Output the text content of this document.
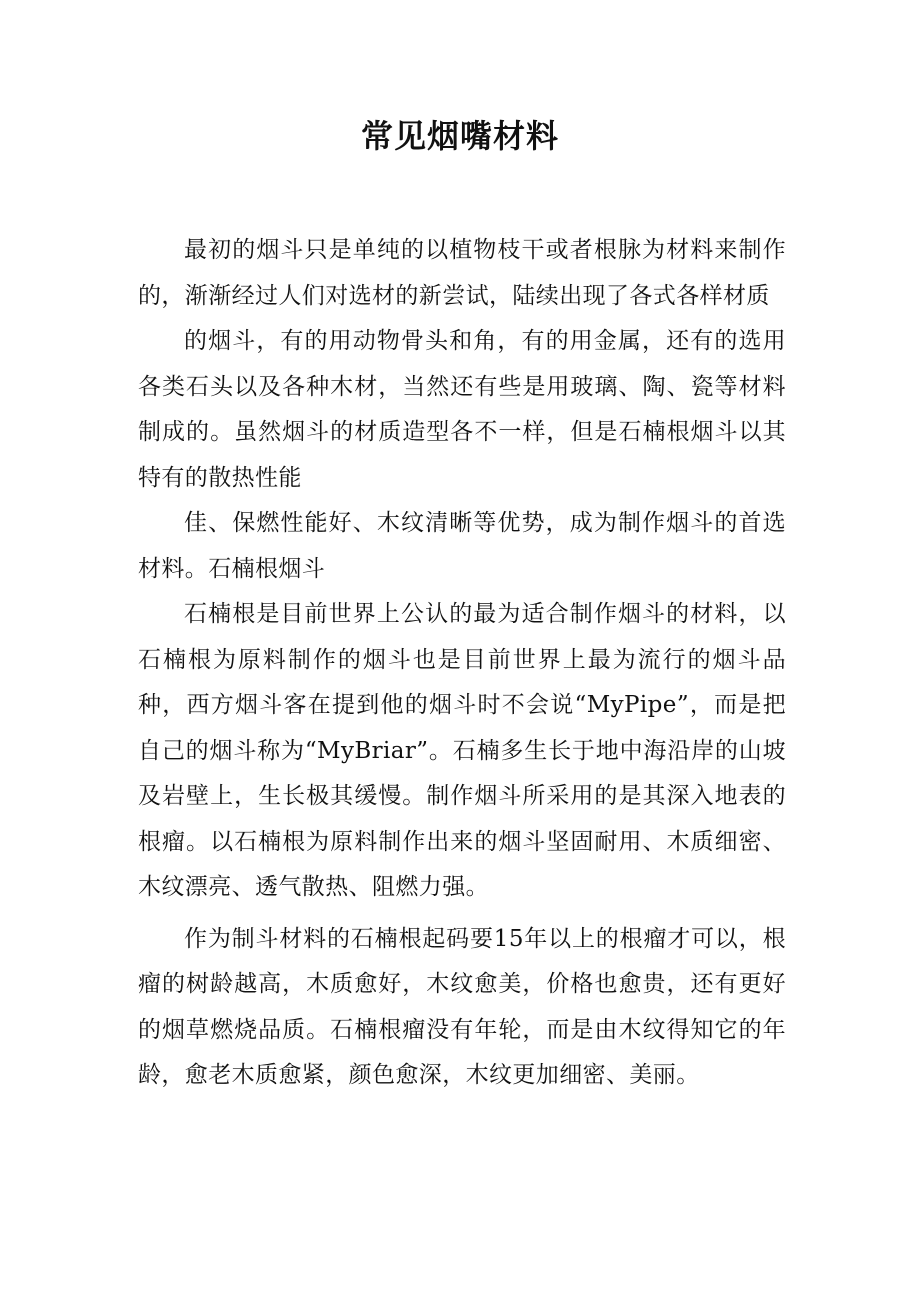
常见烟嘴材料

最初的烟斗只是单纯的以植物枝干或者根脉为材料来制作的，渐渐经过人们对选材的新尝试，陆续出现了各式各样材质

的烟斗，有的用动物骨头和角，有的用金属，还有的选用各类石头以及各种木材，当然还有些是用玻璃、陶、瓷等材料制成的。虽然烟斗的材质造型各不一样，但是石楠根烟斗以其特有的散热性能

佳、保燃性能好、木纹清晰等优势，成为制作烟斗的首选材料。石楠根烟斗

石楠根是目前世界上公认的最为适合制作烟斗的材料，以石楠根为原料制作的烟斗也是目前世界上最为流行的烟斗品种，西方烟斗客在提到他的烟斗时不会说“MyPipe”，而是把自己的烟斗称为“MyBriar”。石楠多生长于地中海沿岸的山坡及岩壁上，生长极其缓慢。制作烟斗所采用的是其深入地表的根瘤。以石楠根为原料制作出来的烟斗坚固耐用、木质细密、木纹漂亮、透气散热、阻燃力强。

作为制斗材料的石楠根起码要15年以上的根瘤才可以，根瘤的树龄越高，木质愈好，木纹愈美，价格也愈贵，还有更好的烟草燃烧品质。石楠根瘤没有年轮，而是由木纹得知它的年龄，愈老木质愈紧，颜色愈深，木纹更加细密、美丽。
